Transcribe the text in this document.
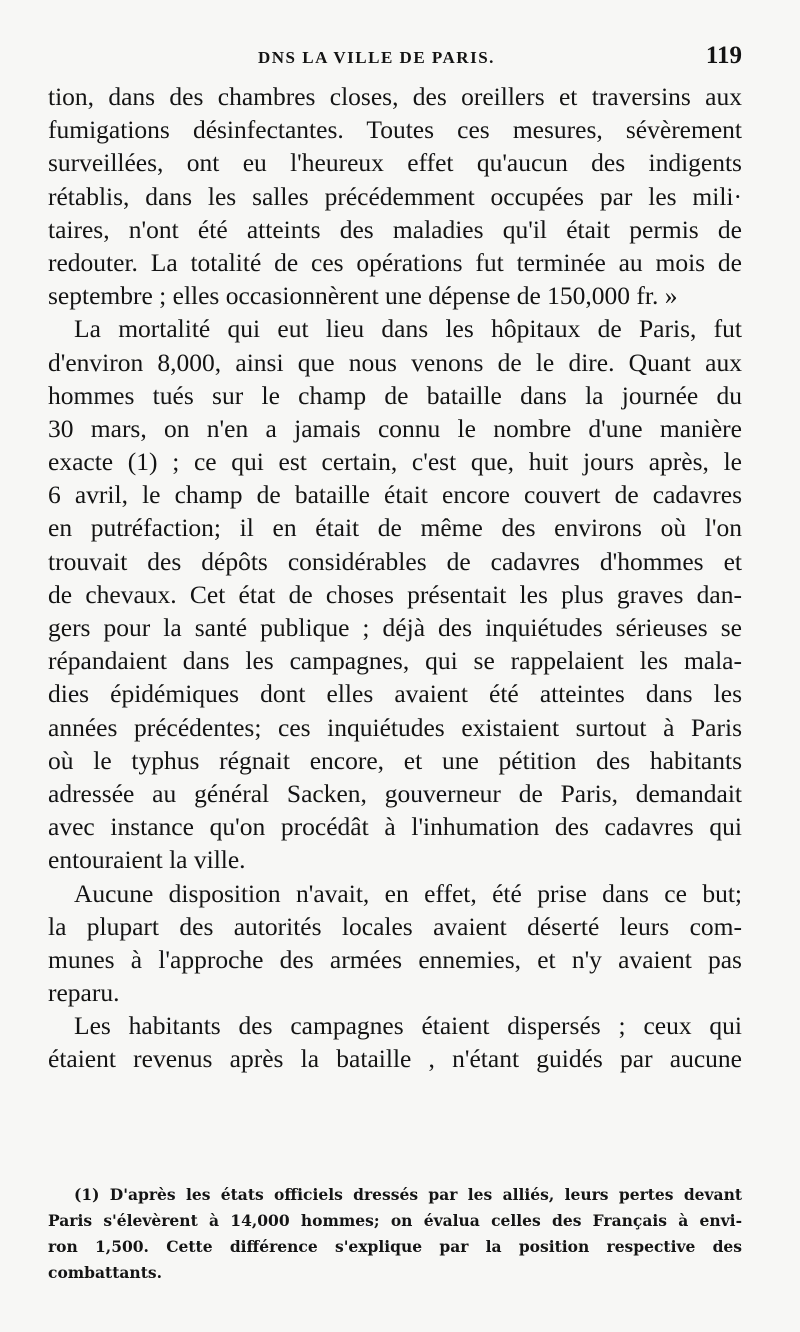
DNS LA VILLE DE PARIS.	119
tion, dans des chambres closes, des oreillers et traversins aux
fumigations désinfectantes. Toutes ces mesures, sévèrement
surveillées, ont eu l'heureux effet qu'aucun des indigents
rétablis, dans les salles précédemment occupées par les mili·
taires, n'ont été atteints des maladies qu'il était permis de
redouter. La totalité de ces opérations fut terminée au mois de
septembre ; elles occasionnèrent une dépense de 150,000 fr. »
La mortalité qui eut lieu dans les hôpitaux de Paris, fut
d'environ 8,000, ainsi que nous venons de le dire. Quant aux
hommes tués sur le champ de bataille dans la journée du
30 mars, on n'en a jamais connu le nombre d'une manière
exacte (1) ; ce qui est certain, c'est que, huit jours après, le
6 avril, le champ de bataille était encore couvert de cadavres
en putréfaction; il en était de même des environs où l'on
trouvait des dépôts considérables de cadavres d'hommes et
de chevaux. Cet état de choses présentait les plus graves dan-
gers pour la santé publique ; déjà des inquiétudes sérieuses se
répandaient dans les campagnes, qui se rappelaient les mala-
dies épidémiques dont elles avaient été atteintes dans les
années précédentes; ces inquiétudes existaient surtout à Paris
où le typhus régnait encore, et une pétition des habitants
adressée au général Sacken, gouverneur de Paris, demandait
avec instance qu'on procédât à l'inhumation des cadavres qui
entouraient la ville.
Aucune disposition n'avait, en effet, été prise dans ce but;
la plupart des autorités locales avaient déserté leurs com-
munes à l'approche des armées ennemies, et n'y avaient pas
reparu.
Les habitants des campagnes étaient dispersés ; ceux qui
étaient revenus après la bataille , n'étant guidés par aucune
(1) D'après les états officiels dressés par les alliés, leurs pertes devant
Paris s'élevèrent à 14,000 hommes; on évalua celles des Français à envi-
ron 1,500. Cette différence s'explique par la position respective des
combattants.
